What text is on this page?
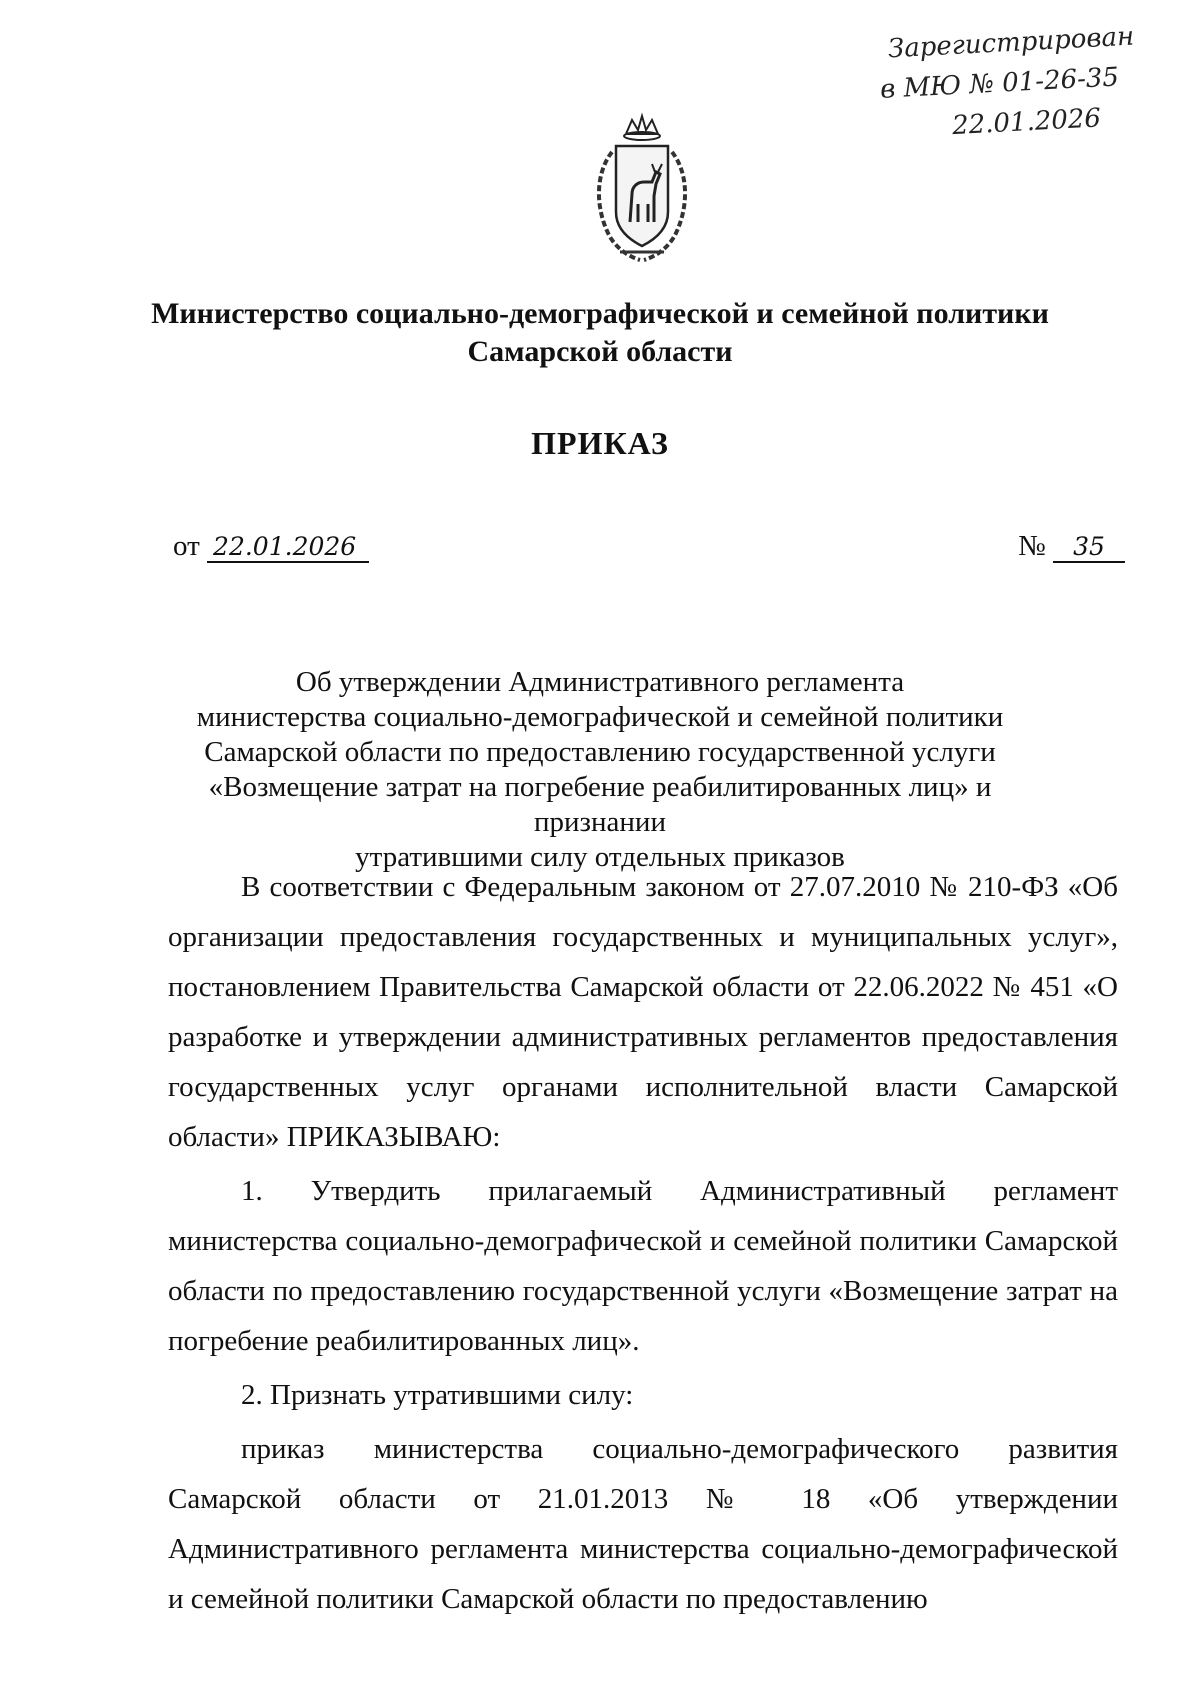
Зарегистрирован
в МЮ № 01-26-35
22.01.2026
Министерство социально-демографической и семейной политики
Самарской области
ПРИКАЗ
от 22.01.2026	№ 35
Об утверждении Административного регламента
министерства социально-демографической и семейной политики
Самарской области по предоставлению государственной услуги
«Возмещение затрат на погребение реабилитированных лиц» и признании
утратившими силу отдельных приказов

В соответствии с Федеральным законом от 27.07.2010 № 210-ФЗ «Об организации предоставления государственных и муниципальных услуг», постановлением Правительства Самарской области от 22.06.2022 № 451 «О разработке и утверждении административных регламентов предоставления государственных услуг органами исполнительной власти Самарской области» ПРИКАЗЫВАЮ:

1. Утвердить прилагаемый Административный регламент министерства социально-демографической и семейной политики Самарской области по предоставлению государственной услуги «Возмещение затрат на погребение реабилитированных лиц».

2. Признать утратившими силу:

приказ министерства социально-демографического развития Самарской области от 21.01.2013 № 18 «Об утверждении Административного регламента министерства социально-демографической и семейной политики Самарской области по предоставлению
